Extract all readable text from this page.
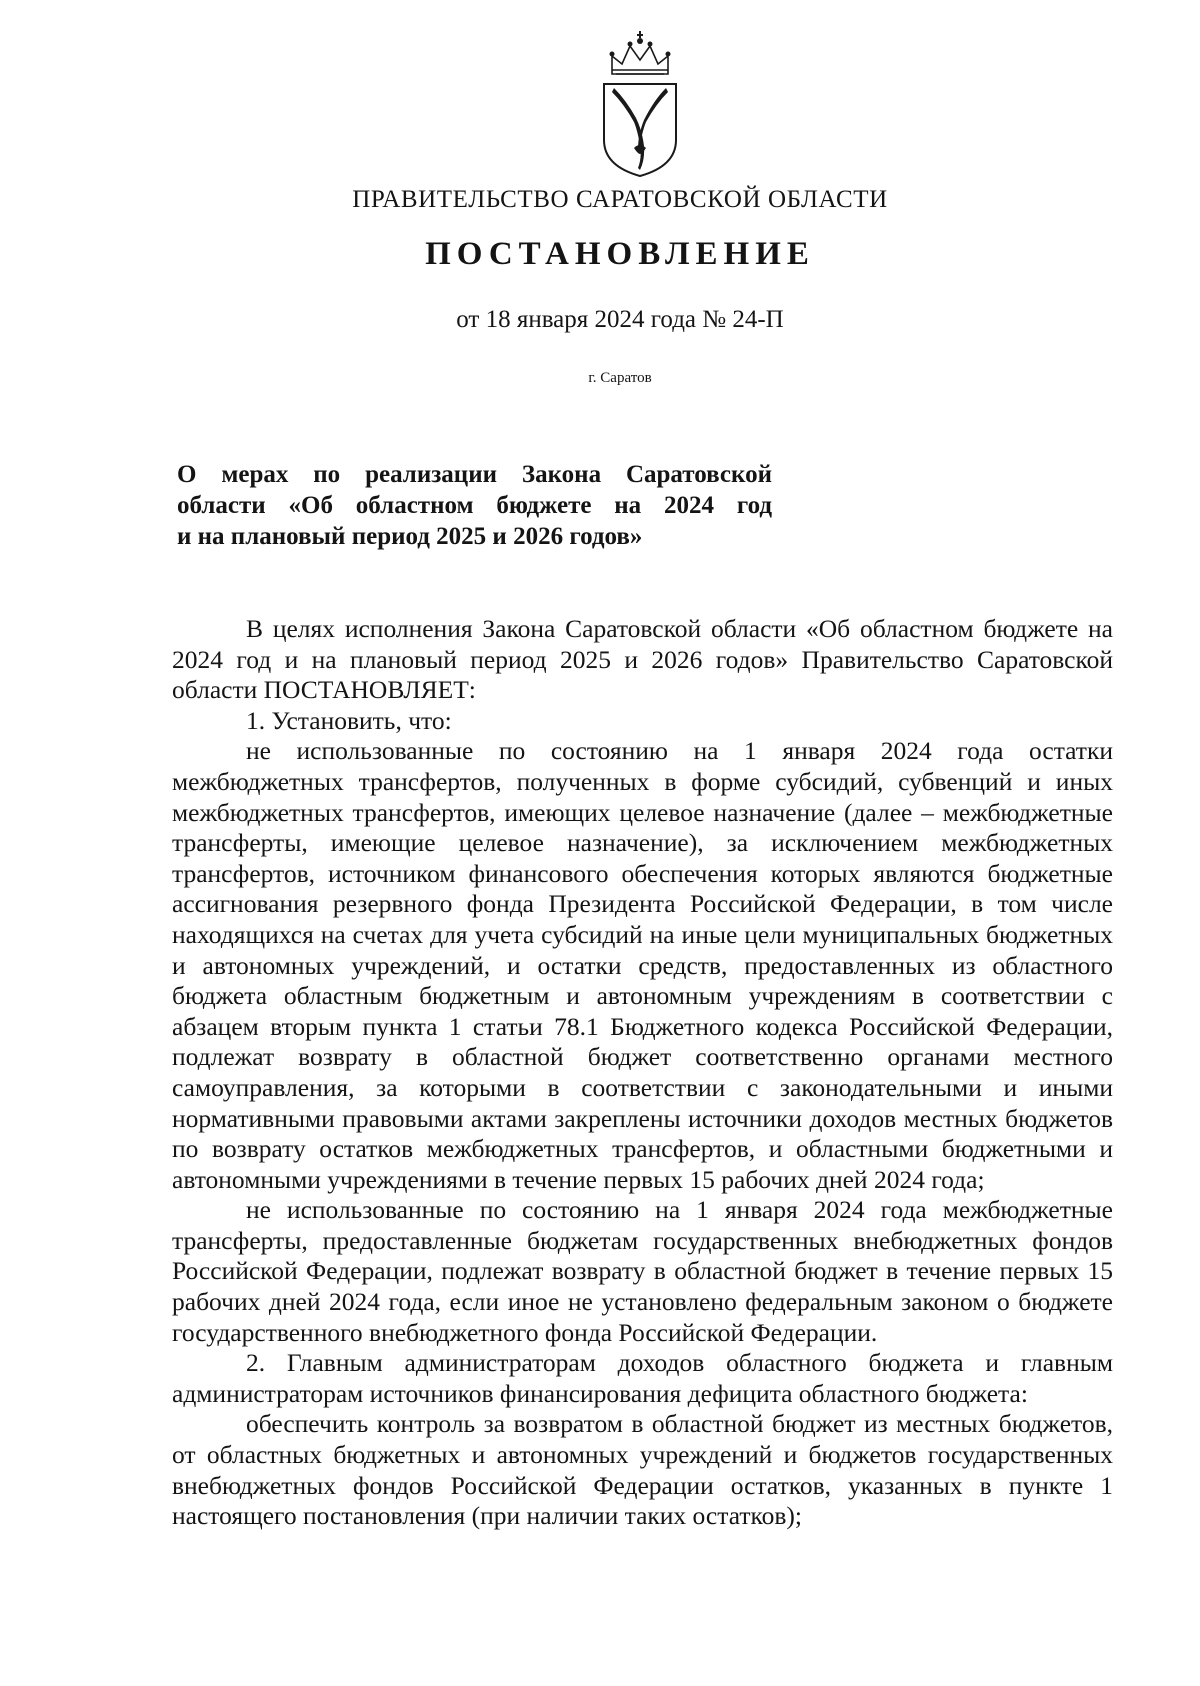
ПРАВИТЕЛЬСТВО САРАТОВСКОЙ ОБЛАСТИ
ПОСТАНОВЛЕНИЕ
от 18 января 2024 года № 24-П
г. Саратов
О мерах по реализации Закона Саратовской
области «Об областном бюджете на 2024 год
и на плановый период 2025 и 2026 годов»

В целях исполнения Закона Саратовской области «Об областном бюджете на 2024 год и на плановый период 2025 и 2026 годов» Правительство Саратовской области ПОСТАНОВЛЯЕТ:

1. Установить, что:

не использованные по состоянию на 1 января 2024 года остатки межбюджетных трансфертов, полученных в форме субсидий, субвенций и иных межбюджетных трансфертов, имеющих целевое назначение (далее – межбюджетные трансферты, имеющие целевое назначение), за исключением межбюджетных трансфертов, источником финансового обеспечения которых являются бюджетные ассигнования резервного фонда Президента Российской Федерации, в том числе находящихся на счетах для учета субсидий на иные цели муниципальных бюджетных и автономных учреждений, и остатки средств, предоставленных из областного бюджета областным бюджетным и автономным учреждениям в соответствии с абзацем вторым пункта 1 статьи 78.1 Бюджетного кодекса Российской Федерации, подлежат возврату в областной бюджет соответственно органами местного самоуправления, за которыми в соответствии с законодательными и иными нормативными правовыми актами закреплены источники доходов местных бюджетов по возврату остатков межбюджетных трансфертов, и областными бюджетными и автономными учреждениями в течение первых 15 рабочих дней 2024 года;

не использованные по состоянию на 1 января 2024 года межбюджетные трансферты, предоставленные бюджетам государственных внебюджетных фондов Российской Федерации, подлежат возврату в областной бюджет в течение первых 15 рабочих дней 2024 года, если иное не установлено федеральным законом о бюджете государственного внебюджетного фонда Российской Федерации.

2. Главным администраторам доходов областного бюджета и главным администраторам источников финансирования дефицита областного бюджета:

обеспечить контроль за возвратом в областной бюджет из местных бюджетов, от областных бюджетных и автономных учреждений и бюджетов государственных внебюджетных фондов Российской Федерации остатков, указанных в пункте 1 настоящего постановления (при наличии таких остатков);
